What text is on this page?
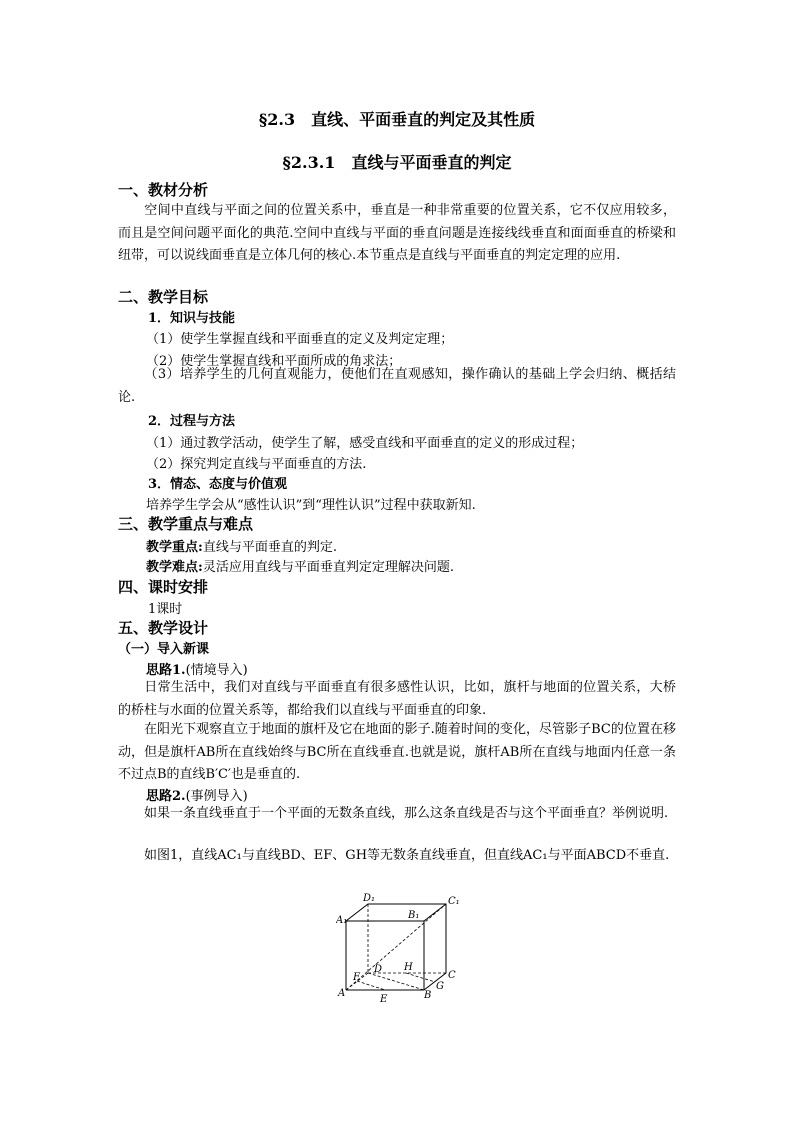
§2.3　直线、平面垂直的判定及其性质
§2.3.1　直线与平面垂直的判定
一、教材分析
空间中直线与平面之间的位置关系中，垂直是一种非常重要的位置关系，它不仅应用较多，而且是空间问题平面化的典范.空间中直线与平面的垂直问题是连接线线垂直和面面垂直的桥梁和纽带，可以说线面垂直是立体几何的核心.本节重点是直线与平面垂直的判定定理的应用.
二、教学目标
1．知识与技能
（1）使学生掌握直线和平面垂直的定义及判定定理；
（2）使学生掌握直线和平面所成的角求法；
（3）培养学生的几何直观能力，使他们在直观感知，操作确认的基础上学会归纳、概括结论.
2．过程与方法
（1）通过教学活动，使学生了解，感受直线和平面垂直的定义的形成过程；
（2）探究判定直线与平面垂直的方法.
3．情态、态度与价值观
培养学生学会从“感性认识”到“理性认识”过程中获取新知.
三、教学重点与难点
教学重点:直线与平面垂直的判定.
教学难点:灵活应用直线与平面垂直判定定理解决问题.
四、课时安排
1课时
五、教学设计
（一）导入新课
思路1.(情境导入)
日常生活中，我们对直线与平面垂直有很多感性认识，比如，旗杆与地面的位置关系，大桥的桥柱与水面的位置关系等，都给我们以直线与平面垂直的印象.
在阳光下观察直立于地面的旗杆及它在地面的影子.随着时间的变化，尽管影子BC的位置在移动，但是旗杆AB所在直线始终与BC所在直线垂直.也就是说，旗杆AB所在直线与地面内任意一条不过点B的直线B′C′也是垂直的.
思路2.(事例导入)
如果一条直线垂直于一个平面的无数条直线，那么这条直线是否与这个平面垂直？举例说明.
如图1，直线AC₁与直线BD、EF、GH等无数条直线垂直，但直线AC₁与平面ABCD不垂直.
D₁	C₁
A₁	B₁
D H
C
F
A	B
G
E
